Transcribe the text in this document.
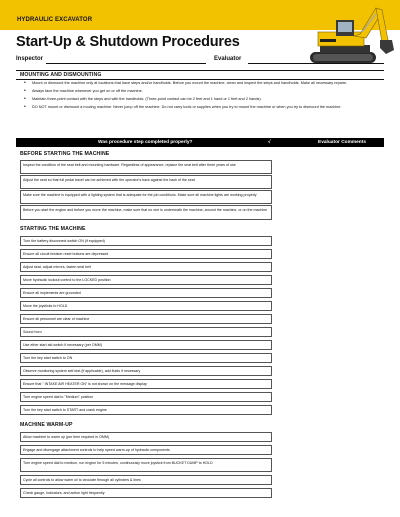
HYDRAULIC EXCAVATOR
Start-Up & Shutdown Procedures
Inspector	Evaluator
MOUNTING AND DISMOUNTING
• Mount or dismount the machine only at locations that have steps and/or handholds. Before you mount the machine, clean and inspect the steps and handholds. Make all necessary repairs.
• Always face the machine whenever you get on or off the machine.
• Maintain three-point contact with the steps and with the handholds. (Three-point contact can be 2 feet and 1 hand or 1 feet and 2 hands).
• DO NOT mount or dismount a moving machine. Never jump off the machine. Do not carry tools or supplies when you try to mount the machine or when you try to dismount the machine.
Was procedure step completed properly?	√	Evaluator Comments
BEFORE STARTING THE MACHINE
Inspect the condition of the seat belt and mounting hardware. Regardless of appearance, replace the seat belt after three years of use
Adjust the seat so that full pedal travel can be achieved with the operator's back against the back of the seat
Make sure the machine is equipped with a lighting system that is adequate for the job conditions. Make sure all machine lights are working properly
Before you start the engine and before you move the machine, make sure that no one is underneath the machine, around the machine, or on the machine
STARTING THE MACHINE
Turn the battery disconnect switch ON (if equipped)
Ensure all circuit breaker reset buttons are depressed
Adjust seat, adjust mirrors, fasten seat belt
Move hydraulic lockout control to the LOCKED position
Ensure all implements are grounded
Move the joysticks to HOLD
Ensure all personnel are clear of machine
Sound horn
Use ether start aid switch if necessary (per OMM)
Turn the key start switch to ON
Observe monitoring system self-test (if applicable), add fluids if necessary
Ensure that " INTAKE AIR HEATER ON" is not shown on the message display
Turn engine speed dial to "Medium" position
Turn the key start switch to START and crank engine
MACHINE WARM-UP
Allow machine to warm up (per time required in OMM)
Engage and disengage attachment controls to help speed warm-up of hydraulic components
Turn engine speed dial to medium, run engine for 5 minutes, continuously move joystick from BUCKET DUMP to HOLD
Cycle all controls to allow warm oil to circulate through all cylinders & lines
Check gauge, indicators, and action light frequently
